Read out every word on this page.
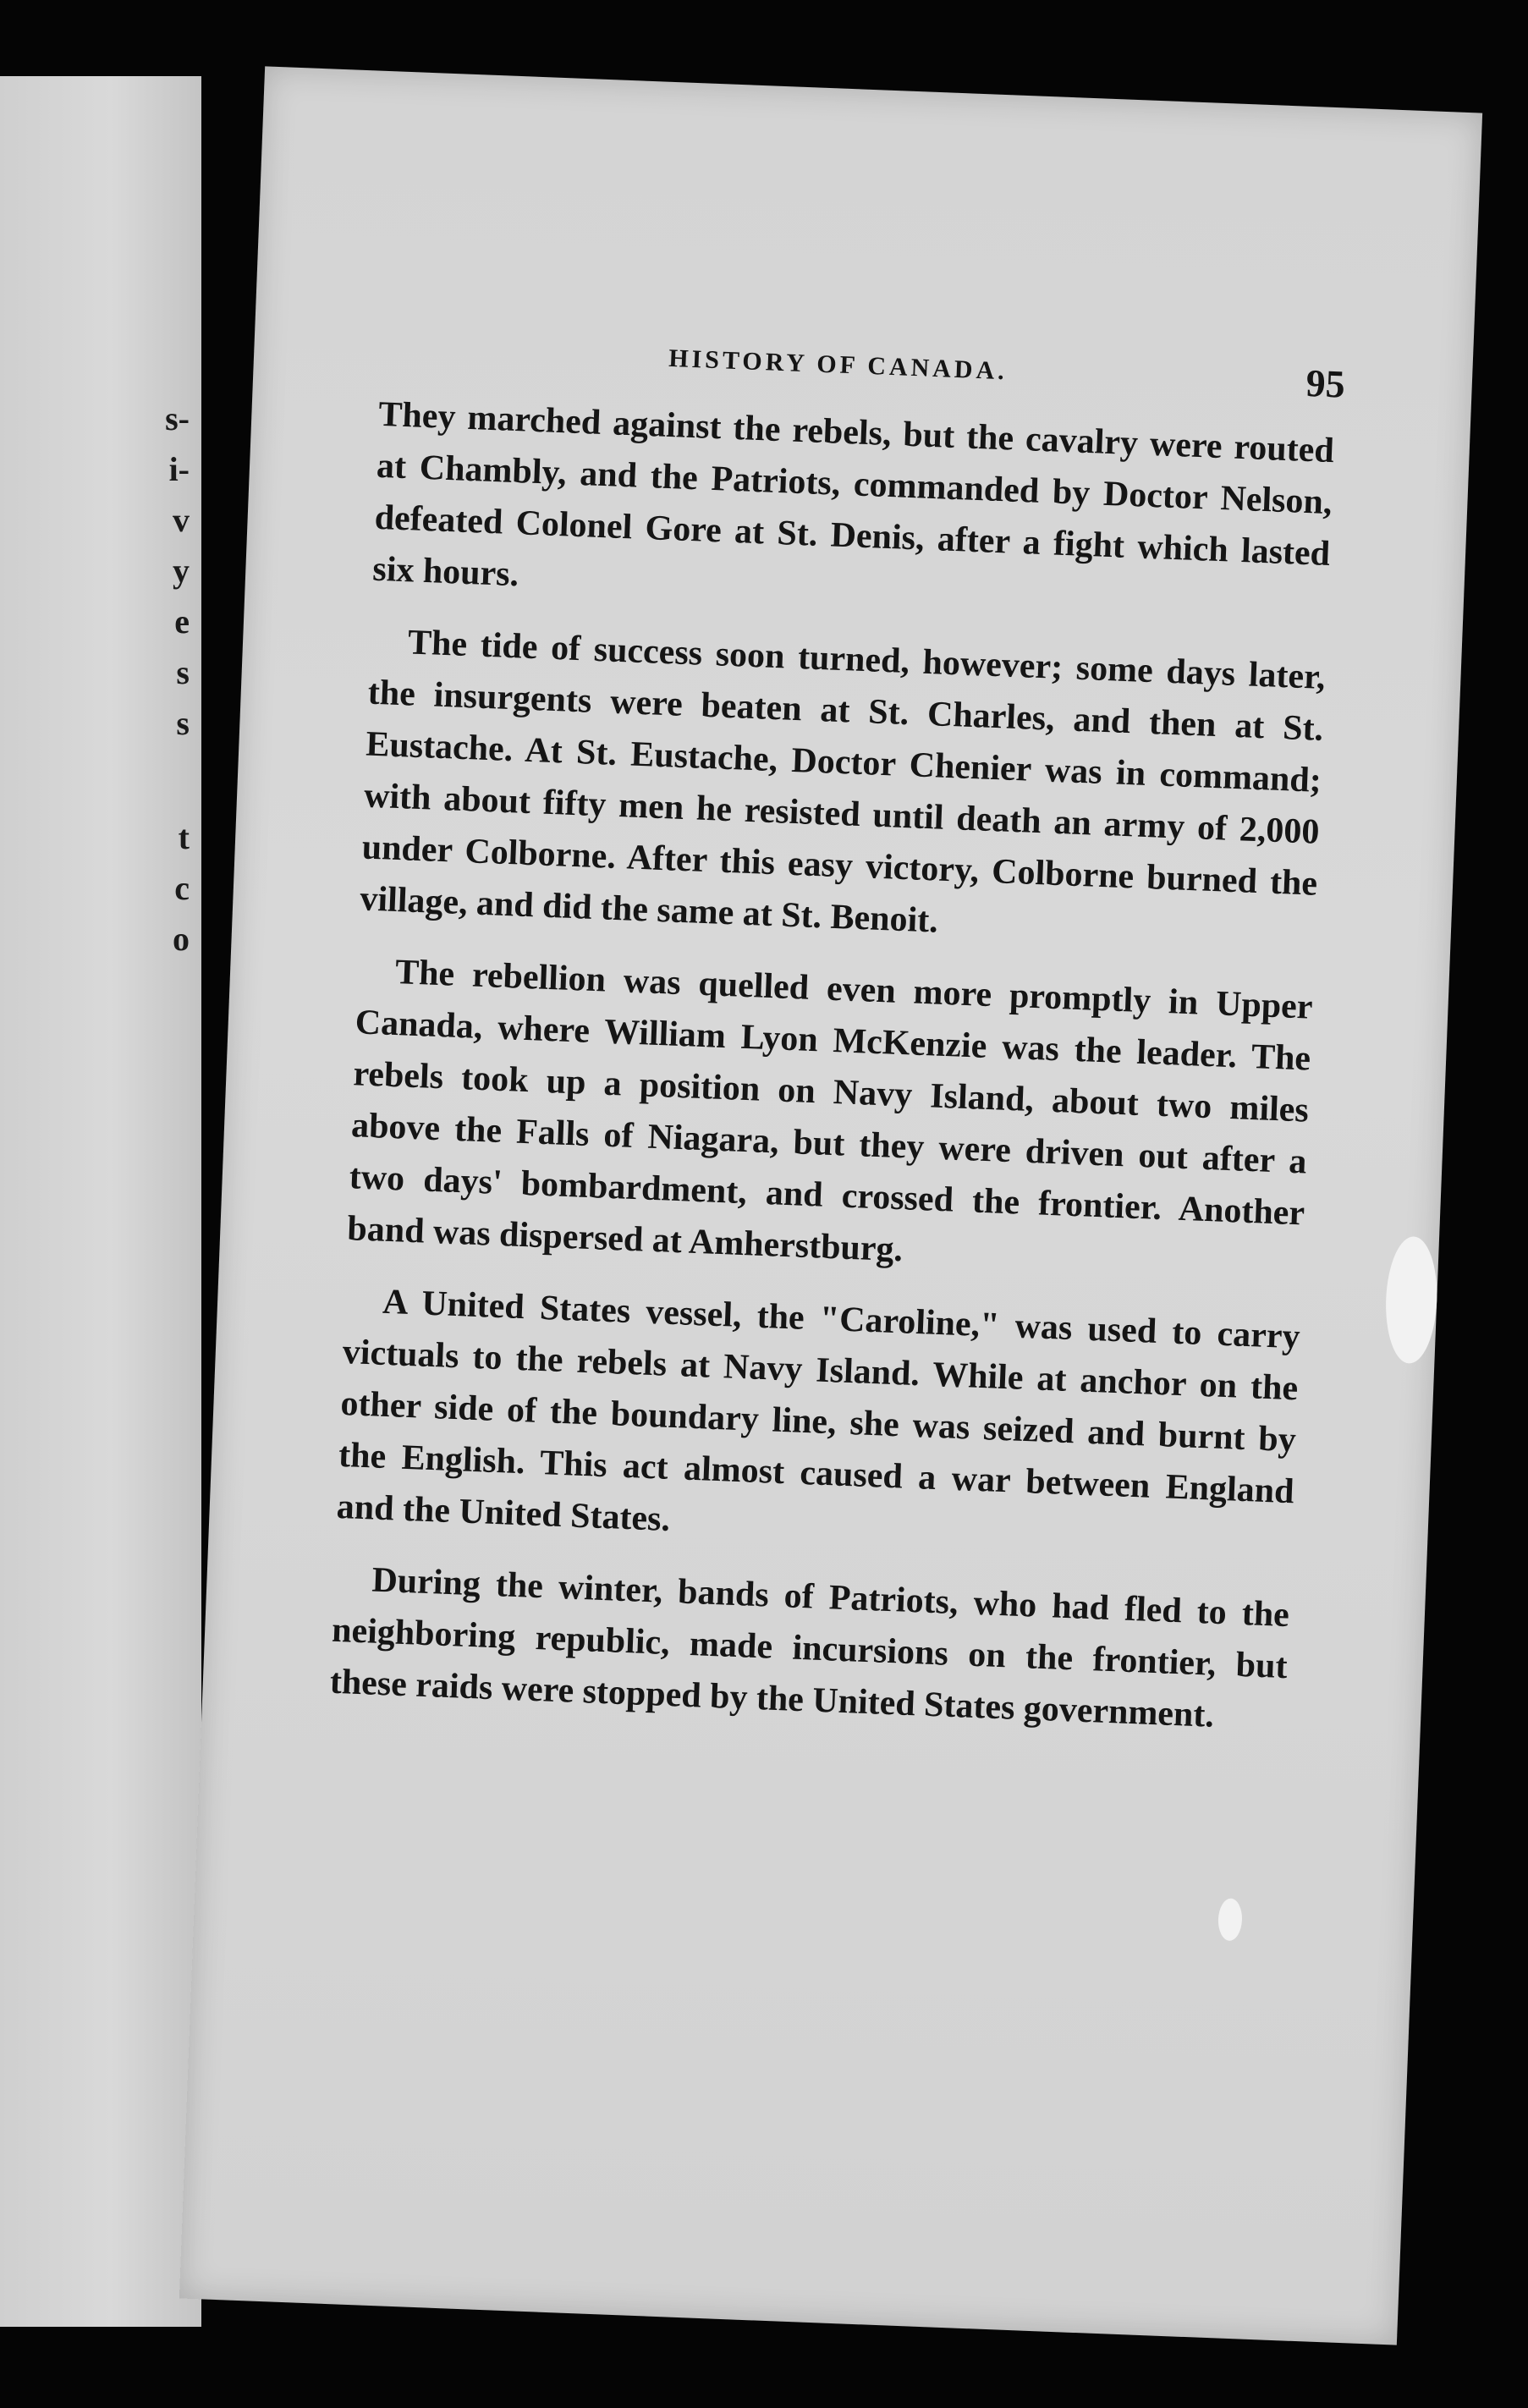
s-
i-
v
y
e
s
s
t
c
o
HISTORY OF CANADA.	95

They marched against the rebels, but the cavalry were routed at Chambly, and the Patriots, commanded by Doctor Nelson, defeated Colonel Gore at St. Denis, after a fight which lasted six hours.

The tide of success soon turned, however; some days later, the insurgents were beaten at St. Charles, and then at St. Eustache. At St. Eustache, Doctor Chenier was in command; with about fifty men he resisted until death an army of 2,000 under Colborne. After this easy victory, Colborne burned the village, and did the same at St. Benoit.

The rebellion was quelled even more promptly in Upper Canada, where William Lyon McKenzie was the leader. The rebels took up a position on Navy Island, about two miles above the Falls of Niagara, but they were driven out after a two days' bombardment, and crossed the frontier. Another band was dispersed at Amherstburg.

A United States vessel, the "Caroline," was used to carry victuals to the rebels at Navy Island. While at anchor on the other side of the boundary line, she was seized and burnt by the English. This act almost caused a war between England and the United States.

During the winter, bands of Patriots, who had fled to the neighboring republic, made incursions on the frontier, but these raids were stopped by the United States government.
